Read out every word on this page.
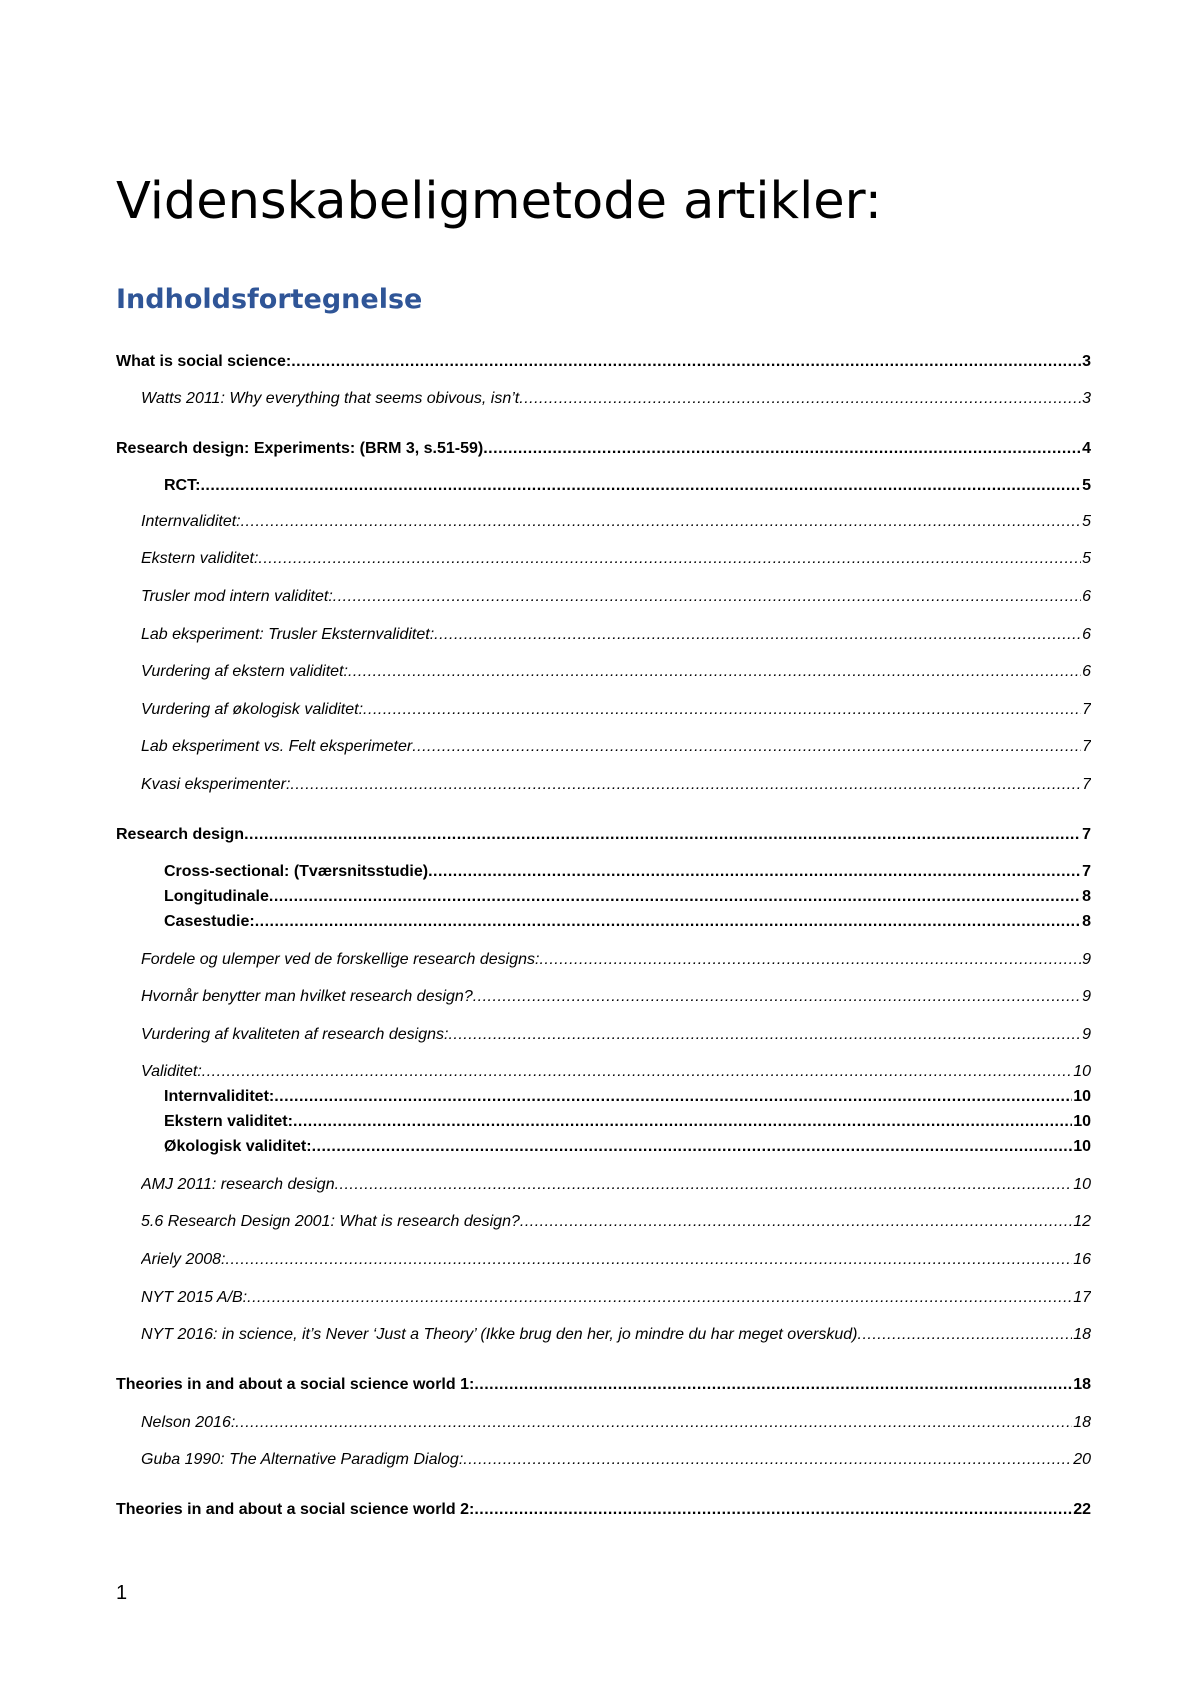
Videnskabeligmetode artikler:
Indholdsfortegnelse
What is social science: .....	3
Watts 2011: Why everything that seems obivous, isn’t .....	3
Research design: Experiments: (BRM 3, s.51-59) .....	4
RCT: .....	5
Internvaliditet: .....	5
Ekstern validitet: .....	5
Trusler mod intern validitet: .....	6
Lab eksperiment: Trusler Eksternvaliditet: .....	6
Vurdering af ekstern validitet: .....	6
Vurdering af økologisk validitet: .....	7
Lab eksperiment vs. Felt eksperimeter .....	7
Kvasi eksperimenter: .....	7
Research design .....	7
Cross-sectional: (Tværsnitsstudie) .....	7
Longitudinale .....	8
Casestudie: .....	8
Fordele og ulemper ved de forskellige research designs: .....	9
Hvornår benytter man hvilket research design? .....	9
Vurdering af kvaliteten af research designs: .....	9
Validitet: .....	10
Internvaliditet: .....	10
Ekstern validitet: .....	10
Økologisk validitet: .....	10
AMJ 2011: research design .....	10
5.6 Research Design 2001: What is research design? .....	12
Ariely 2008: .....	16
NYT 2015 A/B: .....	17
NYT 2016: in science, it’s Never ‘Just a Theory’ (Ikke brug den her, jo mindre du har meget overskud) .....	18
Theories in and about a social science world 1: .....	18
Nelson 2016: .....	18
Guba 1990: The Alternative Paradigm Dialog: .....	20
Theories in and about a social science world 2: .....	22
1
